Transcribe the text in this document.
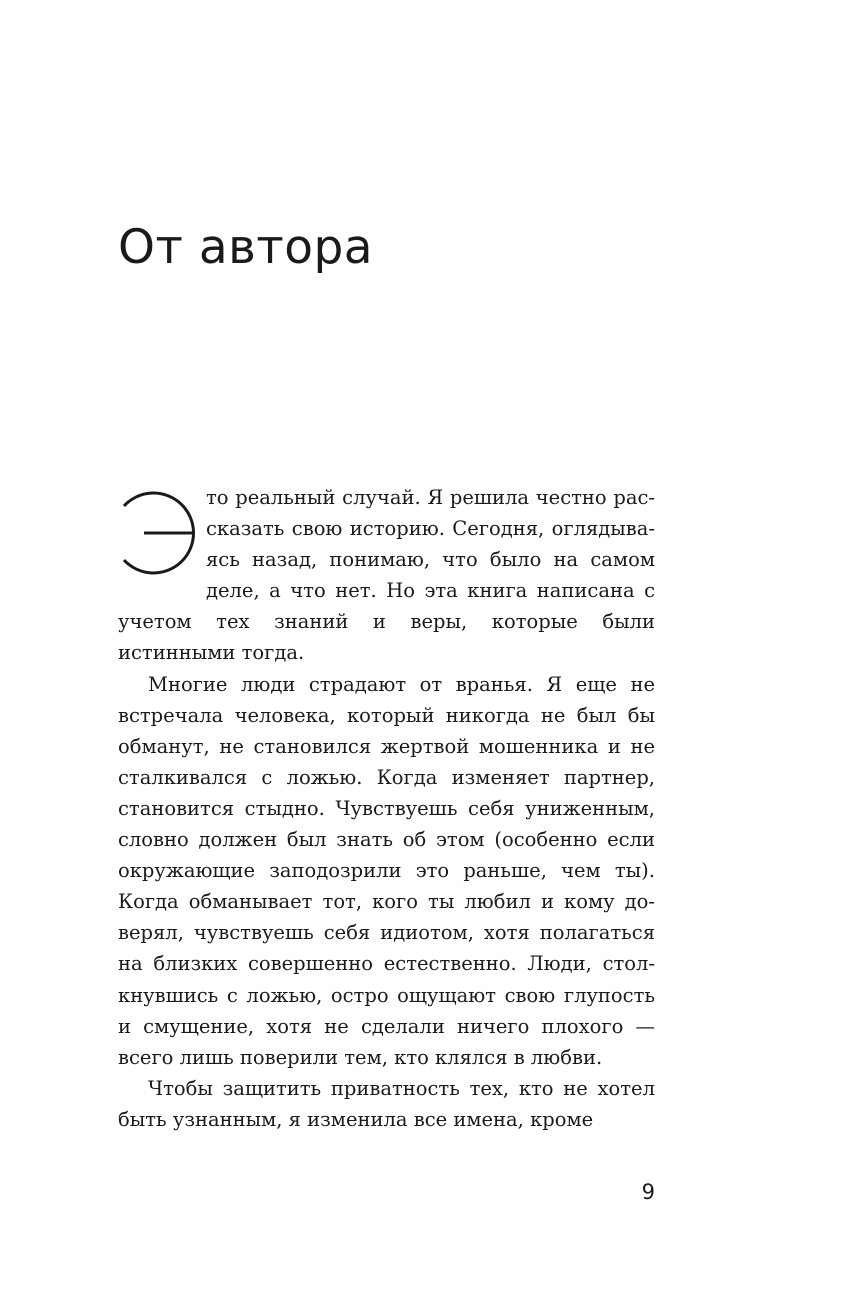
От автора

то реальный случай. Я решила честно рассказать свою историю. Сегодня, оглядываясь назад, понимаю, что было на самом деле, а что нет. Но эта книга написана с учетом тех знаний и веры, которые были истинными тогда.

Многие люди страдают от вранья. Я еще не встречала человека, который никогда не был бы обманут, не становился жертвой мошенника и не сталкивался с ложью. Когда изменяет партнер, становится стыдно. Чувствуешь себя униженным, словно должен был знать об этом (особенно если окружающие заподозрили это раньше, чем ты). Когда обманывает тот, кого ты любил и кому доверял, чувствуешь себя идиотом, хотя полагаться на близких совершенно естественно. Люди, столкнувшись с ложью, остро ощущают свою глупость и смущение, хотя не сделали ничего плохого — всего лишь поверили тем, кто клялся в любви.

Чтобы защитить приватность тех, кто не хотел быть узнанным, я изменила все имена, кроме

9
